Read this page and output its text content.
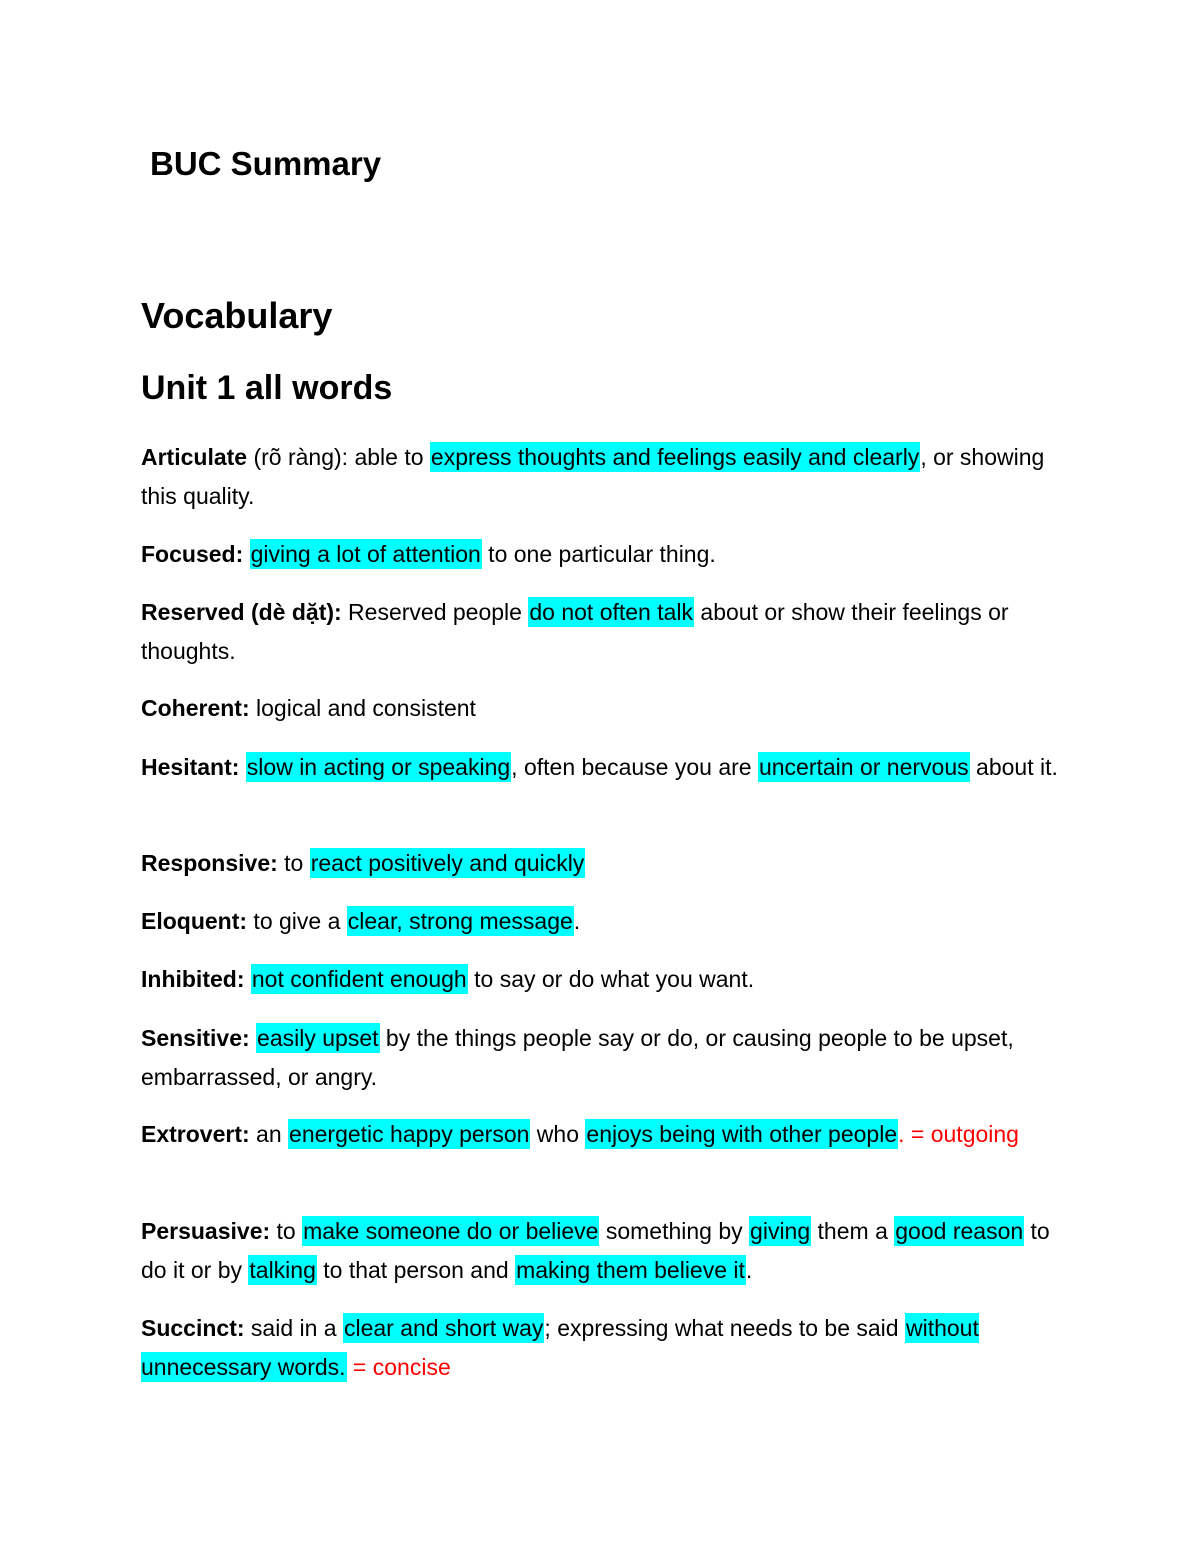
BUC Summary
Vocabulary
Unit 1 all words

Articulate (rõ ràng): able to express thoughts and feelings easily and clearly, or showing this quality.

Focused: giving a lot of attention to one particular thing.

Reserved (dè dặt): Reserved people do not often talk about or show their feelings or thoughts.

Coherent: logical and consistent

Hesitant: slow in acting or speaking, often because you are uncertain or nervous about it.

Responsive: to react positively and quickly

Eloquent: to give a clear, strong message.

Inhibited: not confident enough to say or do what you want.

Sensitive: easily upset by the things people say or do, or causing people to be upset, embarrassed, or angry.

Extrovert: an energetic happy person who enjoys being with other people. = outgoing

Persuasive: to make someone do or believe something by giving them a good reason to do it or by talking to that person and making them believe it.

Succinct: said in a clear and short way; expressing what needs to be said without unnecessary words. = concise
